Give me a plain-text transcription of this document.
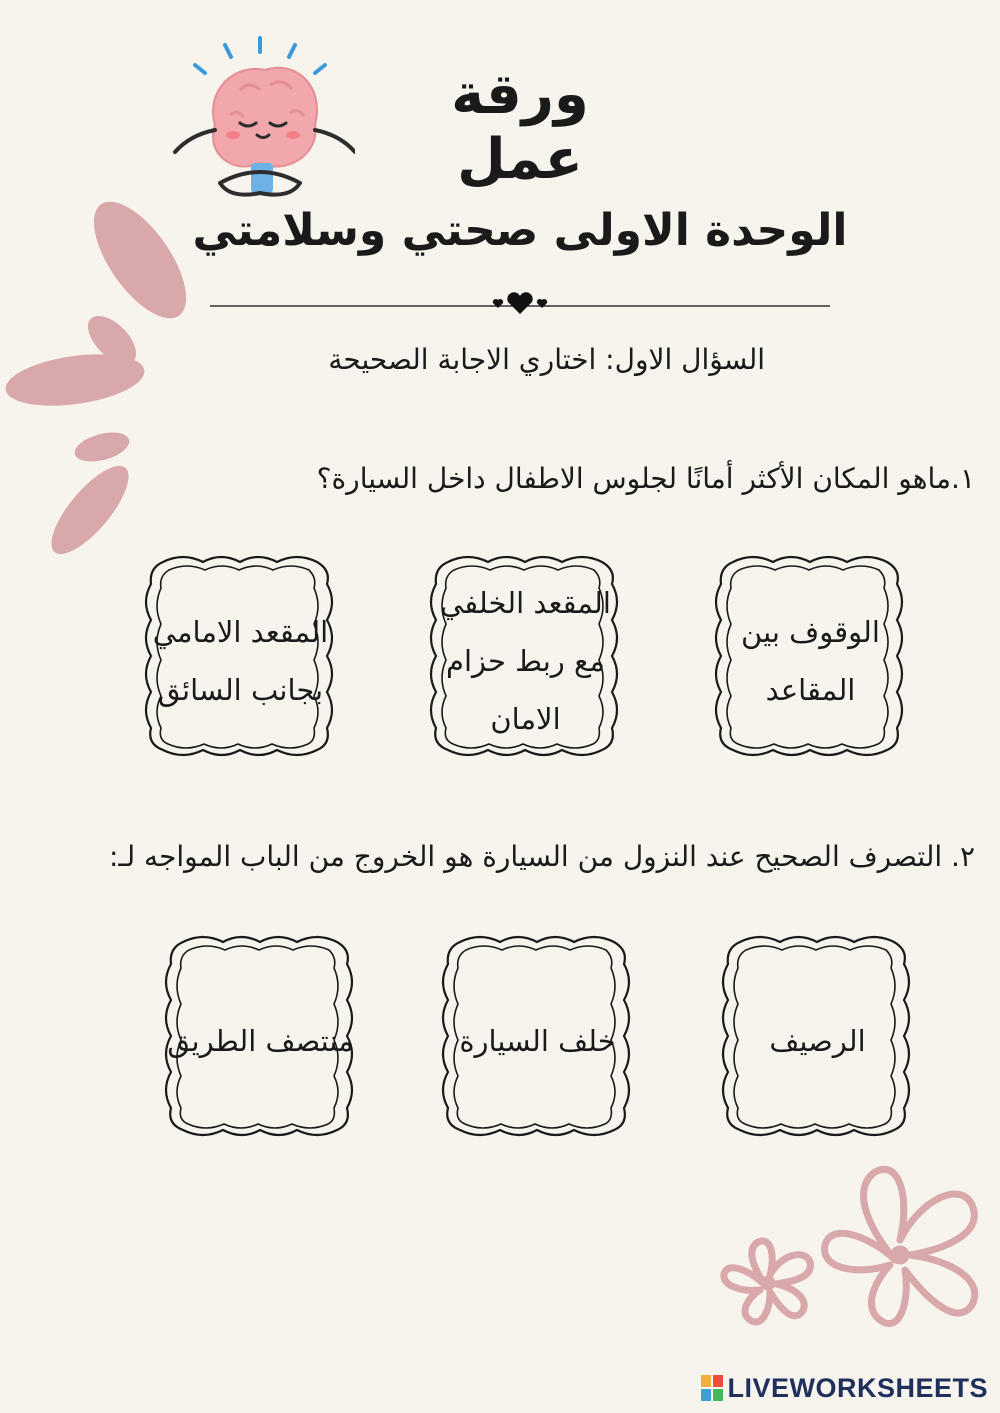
ورقة عمل
الوحدة الاولى صحتي وسلامتي
السؤال الاول: اختاري الاجابة الصحيحة
١.ماهو المكان الأكثر أمانًا لجلوس الاطفال داخل السيارة؟
الوقوف بين المقاعد
المقعد الخلفي مع ربط حزام الامان
المقعد الامامي بجانب السائق
٢. التصرف الصحيح عند النزول من السيارة هو الخروج من الباب المواجه لـ:
الرصيف
خلف السيارة
منتصف الطريق
LIVEWORKSHEETS
